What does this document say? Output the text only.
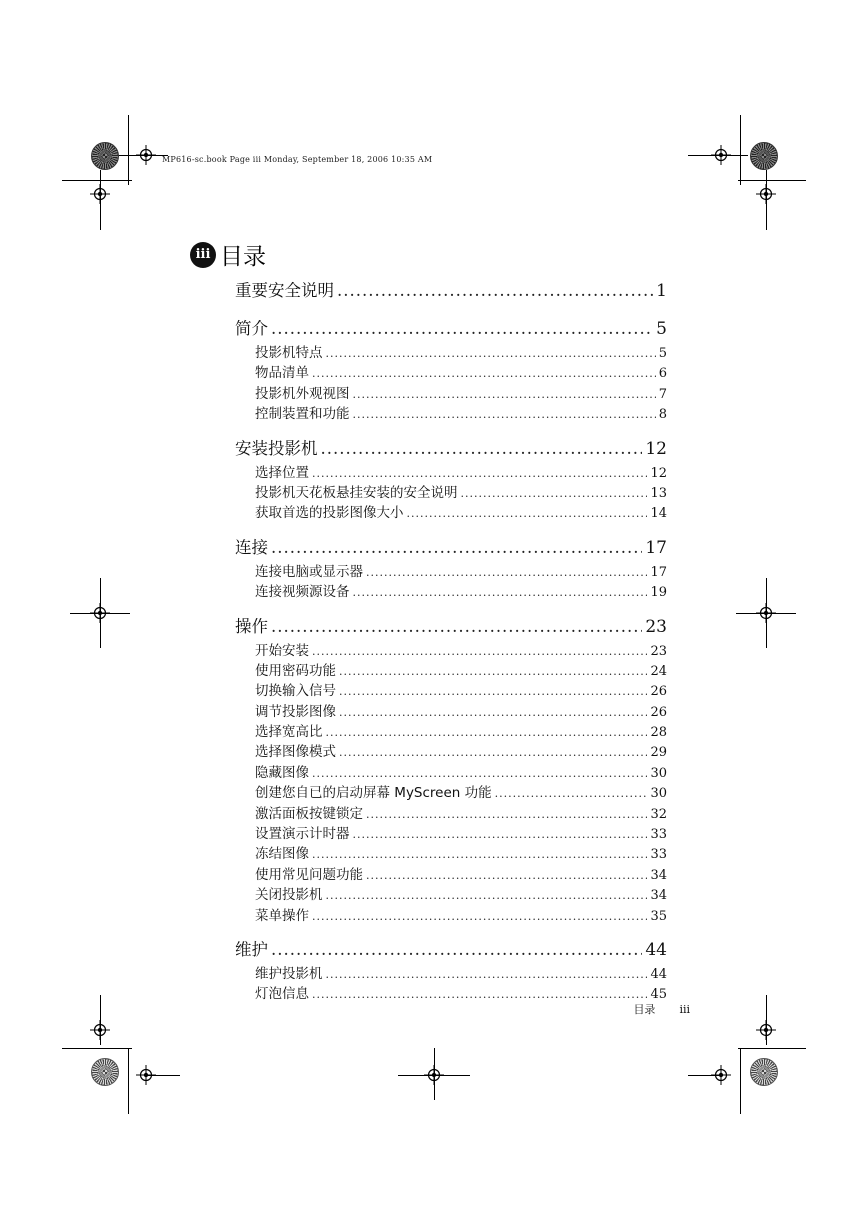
MP616-sc.book Page iii Monday, September 18, 2006 10:35 AM
iii 目录
重要安全说明 .....	1
简介 .....	5
投影机特点 .....	5
物品清单 .....	6
投影机外观视图 .....	7
控制装置和功能 .....	8
安装投影机 .....	12
选择位置 .....	12
投影机天花板悬挂安装的安全说明 .....	13
获取首选的投影图像大小 .....	14
连接 .....	17
连接电脑或显示器 .....	17
连接视频源设备 .....	19
操作 .....	23
开始安装 .....	23
使用密码功能 .....	24
切换输入信号 .....	26
调节投影图像 .....	26
选择宽高比 .....	28
选择图像模式 .....	29
隐藏图像 .....	30
创建您自已的启动屏幕 MyScreen 功能 .....	30
激活面板按键锁定 .....	32
设置演示计时器 .....	33
冻结图像 .....	33
使用常见问题功能 .....	34
关闭投影机 .....	34
菜单操作 .....	35
维护 .....	44
维护投影机 .....	44
灯泡信息 .....	45
目录 iii
